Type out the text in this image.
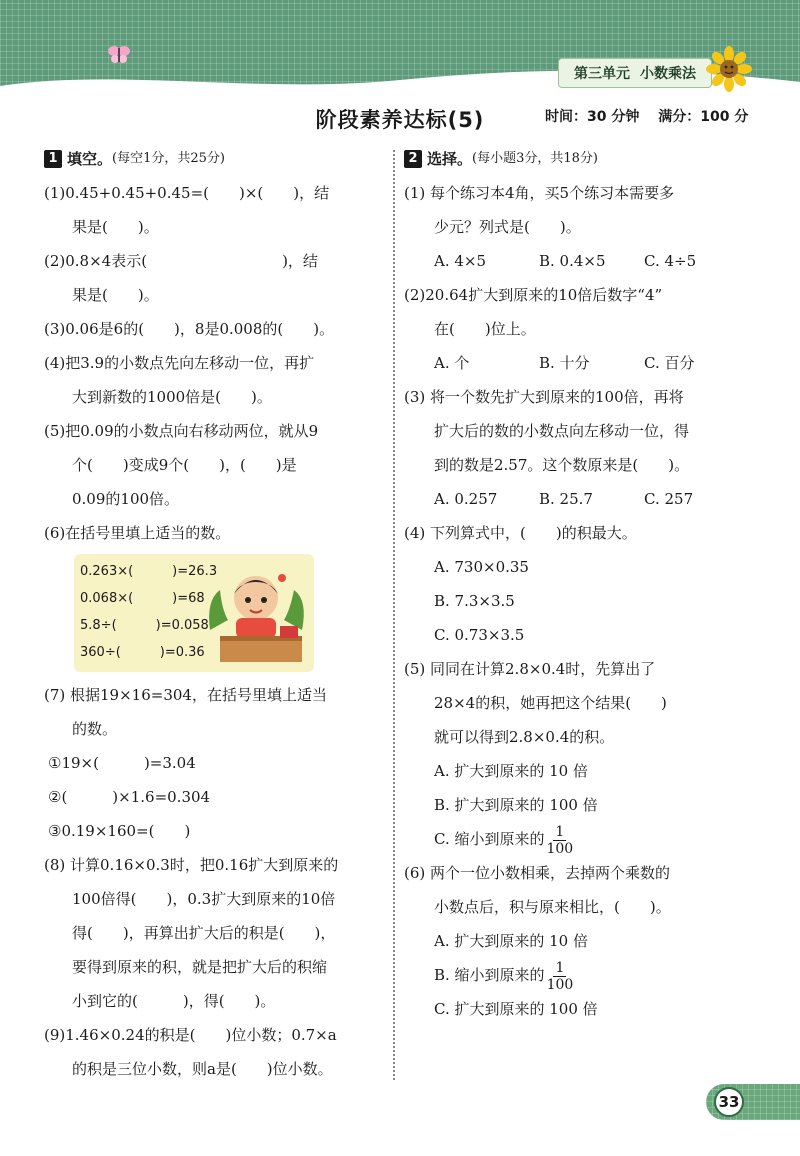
第三单元 小数乘法
阶段素养达标(5)	时间：30 分钟 满分：100 分
1 填空。 (每空1分，共25分)
(1)0.45+0.45+0.45=(　　)×(　　)，结
果是(　　)。
(2)0.8×4表示(　　　　　　　　　)，结
果是(　　)。
(3)0.06是6的(　　)，8是0.008的(　　)。
(4)把3.9的小数点先向左移动一位，再扩
大到新数的1000倍是(　　)。
(5)把0.09的小数点向右移动两位，就从9
个(　　)变成9个(　　)，(　　)是
0.09的100倍。
(6)在括号里填上适当的数。
0.263×(　　　)=26.3
0.068×(　　　)=68
5.8÷(　　　)=0.058
360÷(　　　)=0.36
(7) 根据19×16=304，在括号里填上适当
的数。
①19×(　　　)=3.04
②(　　　)×1.6=0.304
③0.19×160=(　　)
(8) 计算0.16×0.3时，把0.16扩大到原来的
100倍得(　　)，0.3扩大到原来的10倍
得(　　)，再算出扩大后的积是(　　)，
要得到原来的积，就是把扩大后的积缩
小到它的(　　　)，得(　　)。
(9)1.46×0.24的积是(　　)位小数；0.7×a
的积是三位小数，则a是(　　)位小数。
2 选择。 (每小题3分，共18分)
(1) 每个练习本4角，买5个练习本需要多
少元？列式是(　　)。
A. 4×5	B. 0.4×5	C. 4÷5
(2)20.64扩大到原来的10倍后数字“4”
在(　　)位上。
A. 个	B. 十分	C. 百分
(3) 将一个数先扩大到原来的100倍，再将
扩大后的数的小数点向左移动一位，得
到的数是2.57。这个数原来是(　　)。
A. 0.257	B. 25.7	C. 257
(4) 下列算式中，(　　)的积最大。
A. 730×0.35
B. 7.3×3.5
C. 0.73×3.5
(5) 同同在计算2.8×0.4时，先算出了
28×4的积，她再把这个结果(　　)
就可以得到2.8×0.4的积。
A. 扩大到原来的 10 倍
B. 扩大到原来的 100 倍
C. 缩小到原来的 $\frac{1}{100}$
(6) 两个一位小数相乘，去掉两个乘数的
小数点后，积与原来相比，(　　)。
A. 扩大到原来的 10 倍
B. 缩小到原来的 $\frac{1}{100}$
C. 扩大到原来的 100 倍
33
